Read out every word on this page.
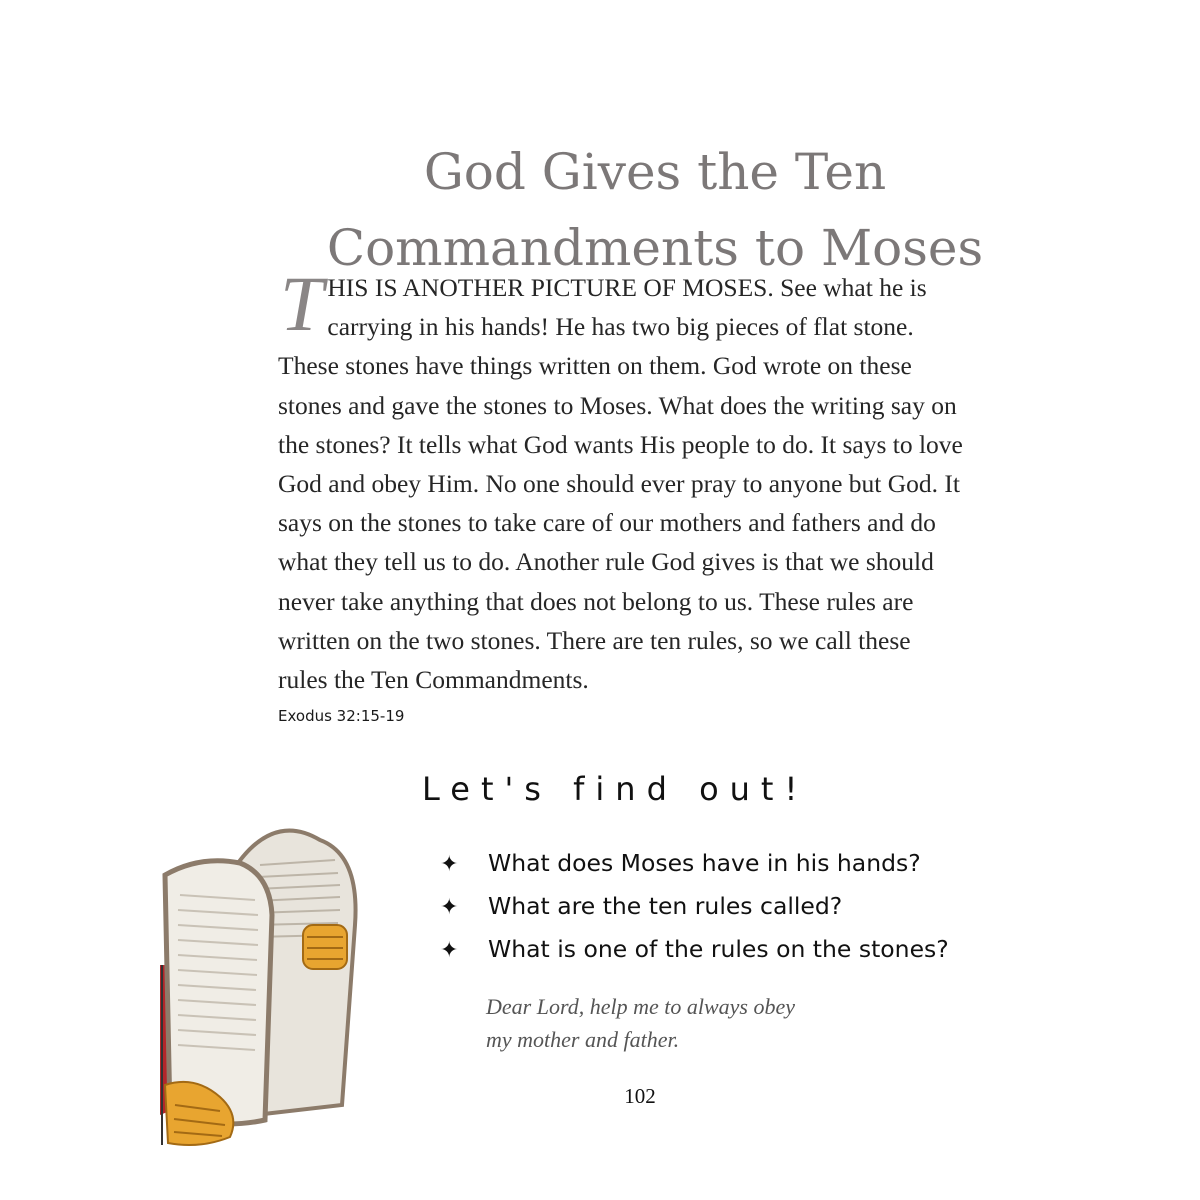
God Gives the Ten
Commandments to Moses
T HIS IS ANOTHER PICTURE OF MOSES. See what he is
carrying in his hands! He has two big pieces of flat stone.
These stones have things written on them. God wrote on these
stones and gave the stones to Moses. What does the writing say on
the stones? It tells what God wants His people to do. It says to love
God and obey Him. No one should ever pray to anyone but God. It
says on the stones to take care of our mothers and fathers and do
what they tell us to do. Another rule God gives is that we should
never take anything that does not belong to us. These rules are
written on the two stones. There are ten rules, so we call these
rules the Ten Commandments.
Exodus 32:15-19
Let's find out!
✦ What does Moses have in his hands?
✦ What are the ten rules called?
✦ What is one of the rules on the stones?
Dear Lord, help me to always obey
my mother and father.
102
